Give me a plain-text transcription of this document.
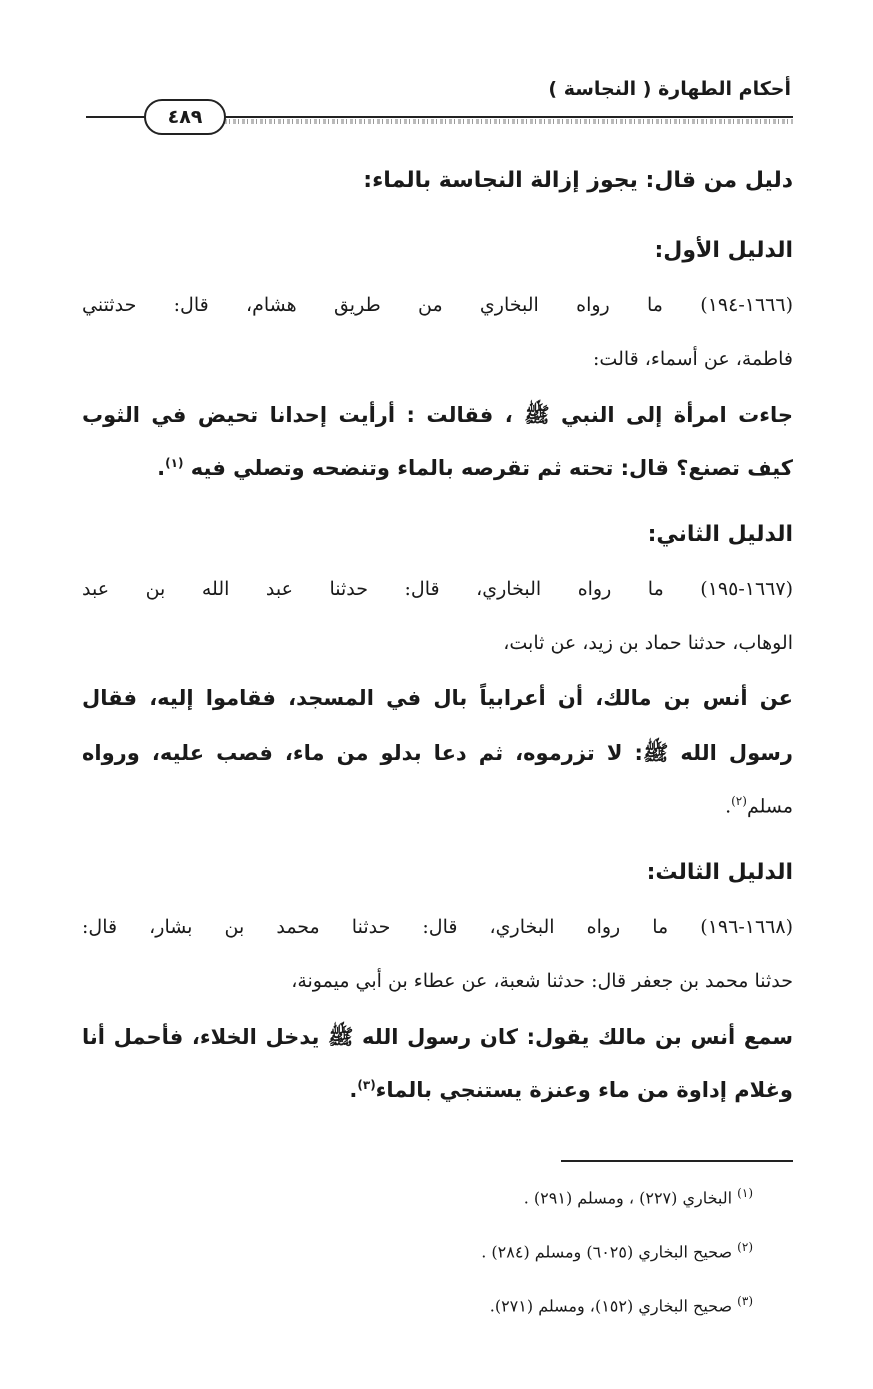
أحكام الطهارة ( النجاسة )
٤٨٩
دليل من قال: يجوز إزالة النجاسة بالماء:
الدليل الأول:
(١٦٦٦-١٩٤) ما رواه البخاري من طريق هشام، قال: حدثتني
فاطمة، عن أسماء، قالت:
جاءت امرأة إلى النبي ﷺ ، فقالت : أرأيت إحدانا تحيض في الثوب
كيف تصنع؟ قال: تحته ثم تقرصه بالماء وتنضحه وتصلي فيه $^{(١)}$.
الدليل الثاني:
(١٦٦٧-١٩٥) ما رواه البخاري، قال: حدثنا عبد الله بن عبد
الوهاب، حدثنا حماد بن زيد، عن ثابت،
عن أنس بن مالك، أن أعرابياً بال في المسجد، فقاموا إليه، فقال
رسول الله ﷺ: لا تزرموه، ثم دعا بدلو من ماء، فصب عليه، ورواه
مسلم$^{(٢)}$.
الدليل الثالث:
(١٦٦٨-١٩٦) ما رواه البخاري، قال: حدثنا محمد بن بشار، قال:
حدثنا محمد بن جعفر قال: حدثنا شعبة، عن عطاء بن أبي ميمونة،
سمع أنس بن مالك يقول: كان رسول الله ﷺ يدخل الخلاء، فأحمل أنا
وغلام إداوة من ماء وعنزة يستنجي بالماء$^{(٣)}$.
$^{(١)}$ البخاري (٢٢٧) ، ومسلم (٢٩١) .
$^{(٢)}$ صحيح البخاري (٦٠٢٥) ومسلم (٢٨٤) .
$^{(٣)}$ صحيح البخاري (١٥٢)، ومسلم (٢٧١).
